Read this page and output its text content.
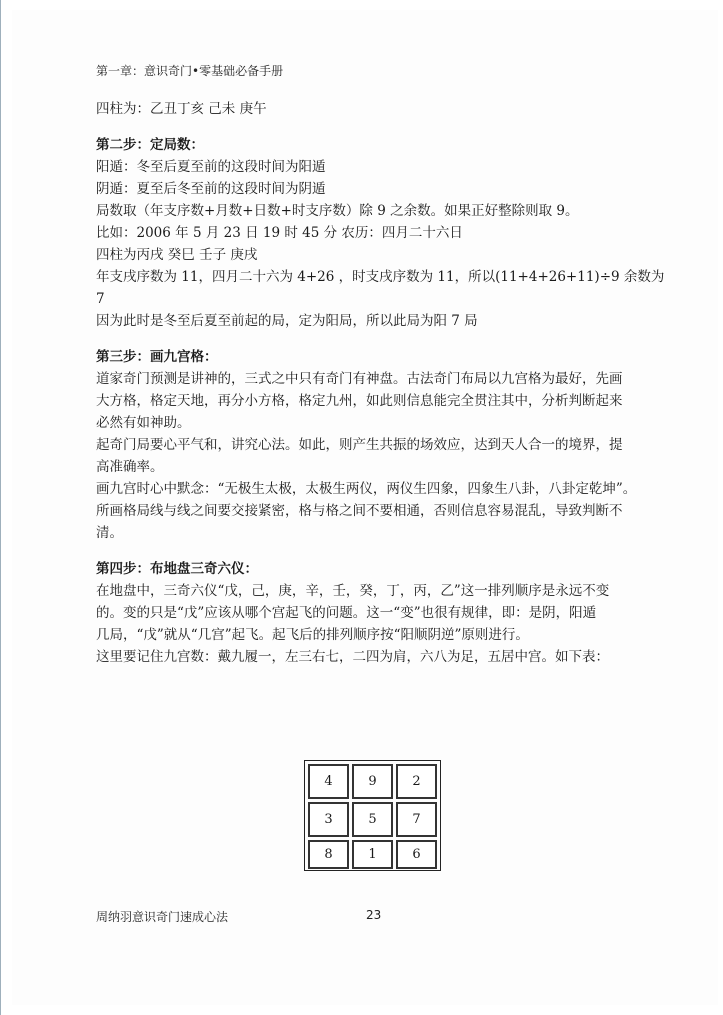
第一章：意识奇门•零基础必备手册
四柱为：乙丑丁亥 己未 庚午
第二步：定局数：
阳遁：冬至后夏至前的这段时间为阳遁
阴遁：夏至后冬至前的这段时间为阴遁
局数取（年支序数+月数+日数+时支序数）除 9 之余数。如果正好整除则取 9。
比如：2006 年 5 月 23 日 19 时 45 分 农历：四月二十六日
四柱为丙戌 癸巳 壬子 庚戌
年支戌序数为 11，四月二十六为 4+26 ，时支戌序数为 11，所以(11+4+26+11)÷9 余数为
7
因为此时是冬至后夏至前起的局，定为阳局，所以此局为阳 7 局
第三步：画九宫格：
道家奇门预测是讲神的，三式之中只有奇门有神盘。古法奇门布局以九宫格为最好，先画
大方格，格定天地，再分小方格，格定九州，如此则信息能完全贯注其中，分析判断起来
必然有如神助。
起奇门局要心平气和，讲究心法。如此，则产生共振的场效应，达到天人合一的境界，提
高准确率。
画九宫时心中默念：“无极生太极，太极生两仪，两仪生四象，四象生八卦，八卦定乾坤”。
所画格局线与线之间要交接紧密，格与格之间不要相通，否则信息容易混乱，导致判断不
清。
第四步：布地盘三奇六仪：
在地盘中，三奇六仪“戊，己，庚，辛，壬，癸，丁，丙，乙”这一排列顺序是永远不变
的。变的只是“戊”应该从哪个宫起飞的问题。这一“变”也很有规律，即：是阴，阳遁
几局，“戊”就从“几宫”起飞。起飞后的排列顺序按“阳顺阴逆”原则进行。
这里要记住九宫数：戴九履一，左三右七，二四为肩，六八为足，五居中宫。如下表：
4	9	2
3	5	7
8	1	6
周纳羽意识奇门速成心法	23
